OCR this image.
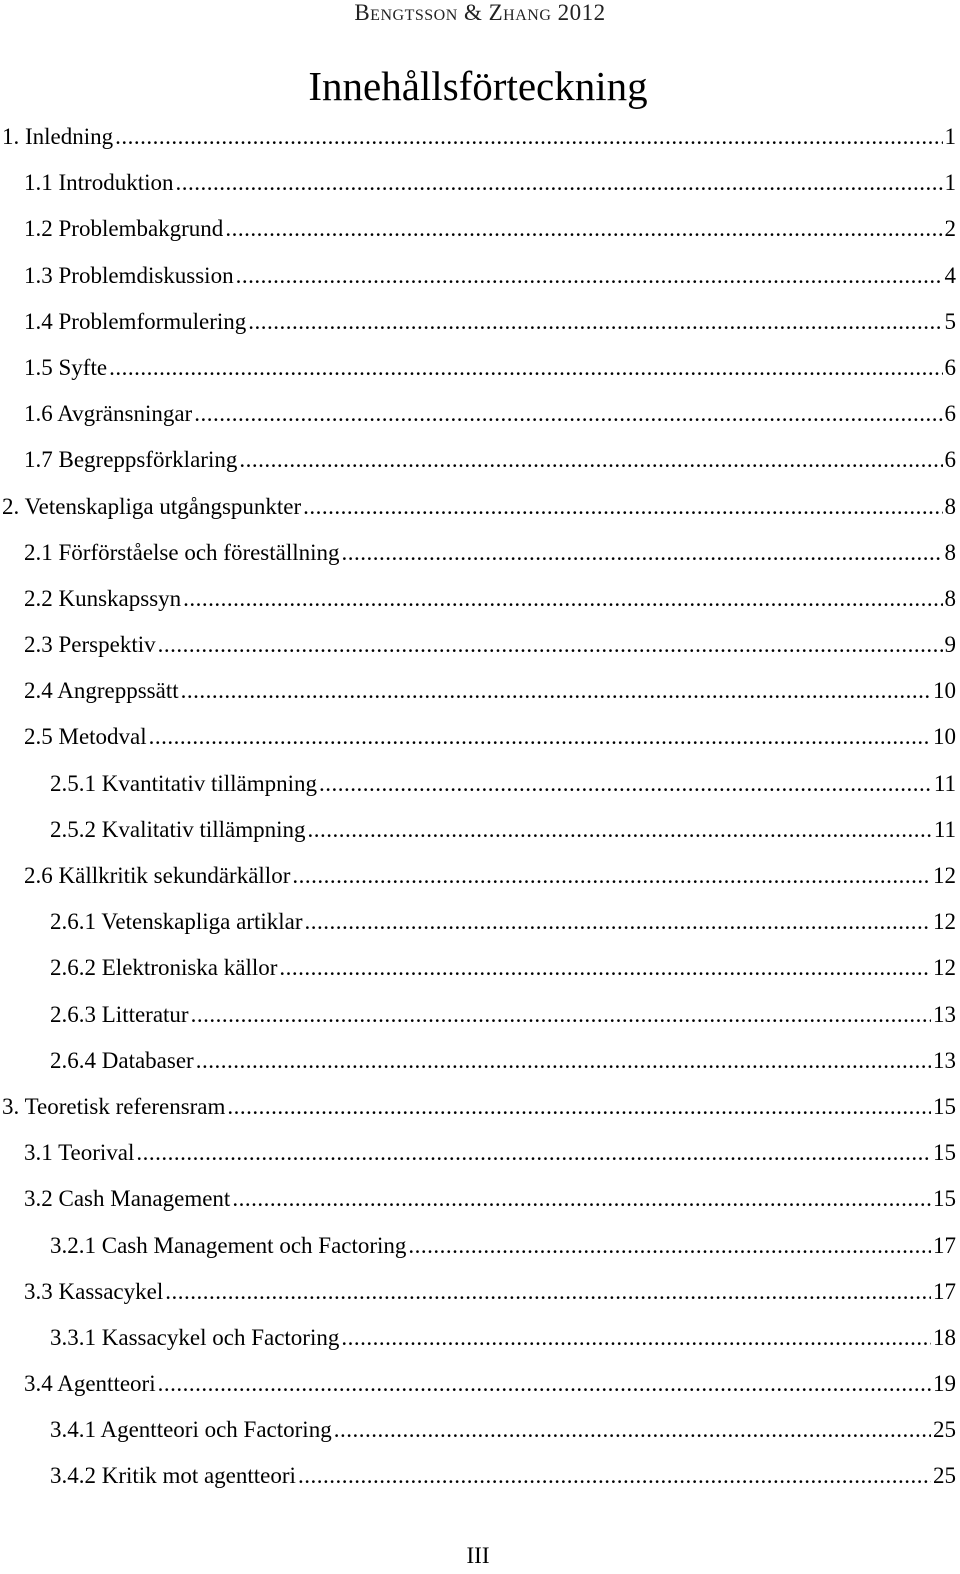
Bengtsson & Zhang 2012
Innehållsförteckning
1. Inledning .....	1
1.1 Introduktion .....	1
1.2 Problembakgrund .....	2
1.3 Problemdiskussion .....	4
1.4 Problemformulering .....	5
1.5 Syfte .....	6
1.6 Avgränsningar .....	6
1.7 Begreppsförklaring .....	6
2. Vetenskapliga utgångspunkter .....	8
2.1 Förförståelse och föreställning .....	8
2.2 Kunskapssyn .....	8
2.3 Perspektiv .....	9
2.4 Angreppssätt .....	10
2.5 Metodval .....	10
2.5.1 Kvantitativ tillämpning .....	11
2.5.2 Kvalitativ tillämpning .....	11
2.6 Källkritik sekundärkällor .....	12
2.6.1 Vetenskapliga artiklar .....	12
2.6.2 Elektroniska källor .....	12
2.6.3 Litteratur .....	13
2.6.4 Databaser .....	13
3. Teoretisk referensram .....	15
3.1 Teorival .....	15
3.2 Cash Management .....	15
3.2.1 Cash Management och Factoring .....	17
3.3 Kassacykel .....	17
3.3.1 Kassacykel och Factoring .....	18
3.4 Agentteori .....	19
3.4.1 Agentteori och Factoring .....	25
3.4.2 Kritik mot agentteori .....	25
III
